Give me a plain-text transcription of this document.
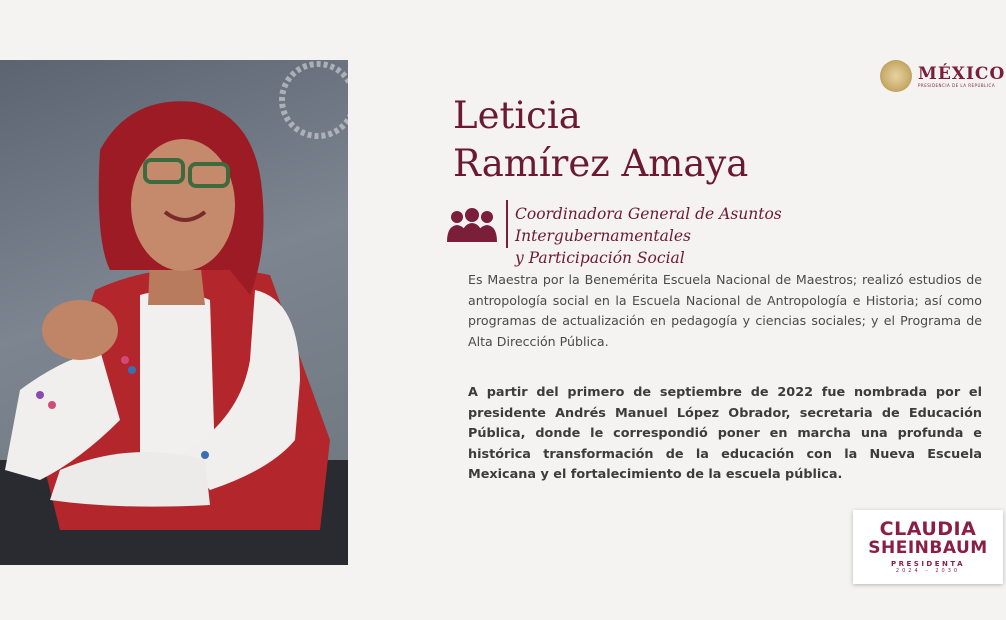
MÉXICO
PRESIDENCIA DE LA REPÚBLICA
Leticia
Ramírez Amaya
Coordinadora General de Asuntos Intergubernamentales
y Participación Social

Es Maestra por la Benemérita Escuela Nacional de Maestros; realizó estudios de antropología social en la Escuela Nacional de Antropología e Historia; así como programas de actualización en pedagogía y ciencias sociales; y el Programa de Alta Dirección Pública.

A partir del primero de septiembre de 2022 fue nombrada por el presidente Andrés Manuel López Obrador, secretaria de Educación Pública, donde le correspondió poner en marcha una profunda e histórica transformación de la educación con la Nueva Escuela Mexicana y el fortalecimiento de la escuela pública.

CLAUDIA
SHEINBAUM
PRESIDENTA
2024 – 2030
